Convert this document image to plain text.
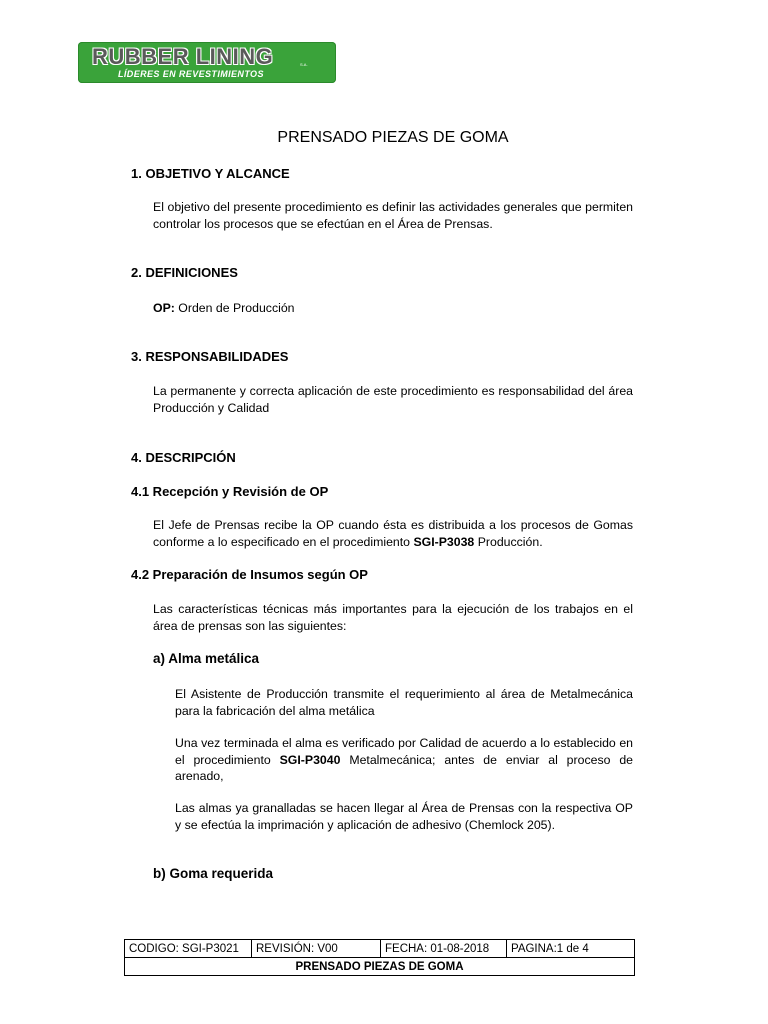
RUBBER LINING	S.A.
LÍDERES EN REVESTIMIENTOS
PRENSADO PIEZAS DE GOMA
1. OBJETIVO Y ALCANCE
El objetivo del presente procedimiento es definir las actividades generales que permiten controlar los procesos que se efectúan en el Área de Prensas.
2. DEFINICIONES
OP: Orden de Producción
3. RESPONSABILIDADES
La permanente y correcta aplicación de este procedimiento es responsabilidad del área Producción y Calidad
4. DESCRIPCIÓN
4.1 Recepción y Revisión de OP
El Jefe de Prensas recibe la OP cuando ésta es distribuida a los procesos de Gomas conforme a lo especificado en el procedimiento SGI-P3038 Producción.
4.2 Preparación de Insumos según OP
Las características técnicas más importantes para la ejecución de los trabajos en el área de prensas son las siguientes:
a) Alma metálica
El Asistente de Producción transmite el requerimiento al área de Metalmecánica para la fabricación del alma metálica
Una vez terminada el alma es verificado por Calidad de acuerdo a lo establecido en el procedimiento SGI-P3040 Metalmecánica; antes de enviar al proceso de arenado,
Las almas ya granalladas se hacen llegar al Área de Prensas con la respectiva OP y se efectúa la imprimación y aplicación de adhesivo (Chemlock 205).
b) Goma requerida
CODIGO: SGI-P3021	REVISIÓN: V00	FECHA: 01-08-2018	PAGINA:1 de 4
PRENSADO PIEZAS DE GOMA
